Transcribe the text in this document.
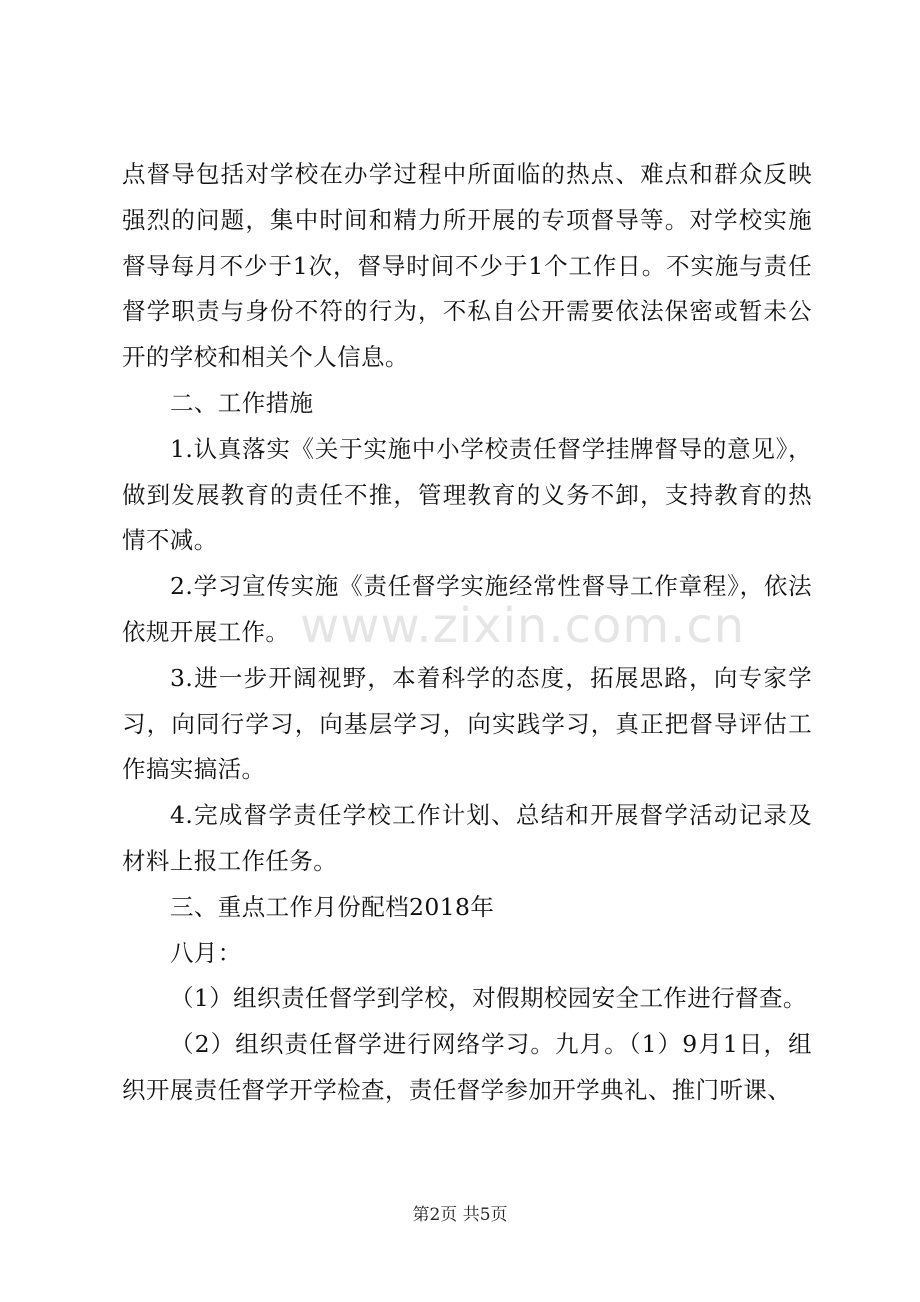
点督导包括对学校在办学过程中所面临的热点、难点和群众反映强烈的问题，集中时间和精力所开展的专项督导等。对学校实施督导每月不少于1次，督导时间不少于1个工作日。不实施与责任督学职责与身份不符的行为，不私自公开需要依法保密或暂未公开的学校和相关个人信息。

二、工作措施

1.认真落实《关于实施中小学校责任督学挂牌督导的意见》，做到发展教育的责任不推，管理教育的义务不卸，支持教育的热情不减。

2.学习宣传实施《责任督学实施经常性督导工作章程》，依法依规开展工作。

3.进一步开阔视野，本着科学的态度，拓展思路，向专家学习，向同行学习，向基层学习，向实践学习，真正把督导评估工作搞实搞活。

4.完成督学责任学校工作计划、总结和开展督学活动记录及材料上报工作任务。

三、重点工作月份配档2018年

八月：

（1）组织责任督学到学校，对假期校园安全工作进行督查。

（2）组织责任督学进行网络学习。九月。（1）9月1日，组织开展责任督学开学检查，责任督学参加开学典礼、推门听课、

www.zixin.com.cn
第2页 共5页
